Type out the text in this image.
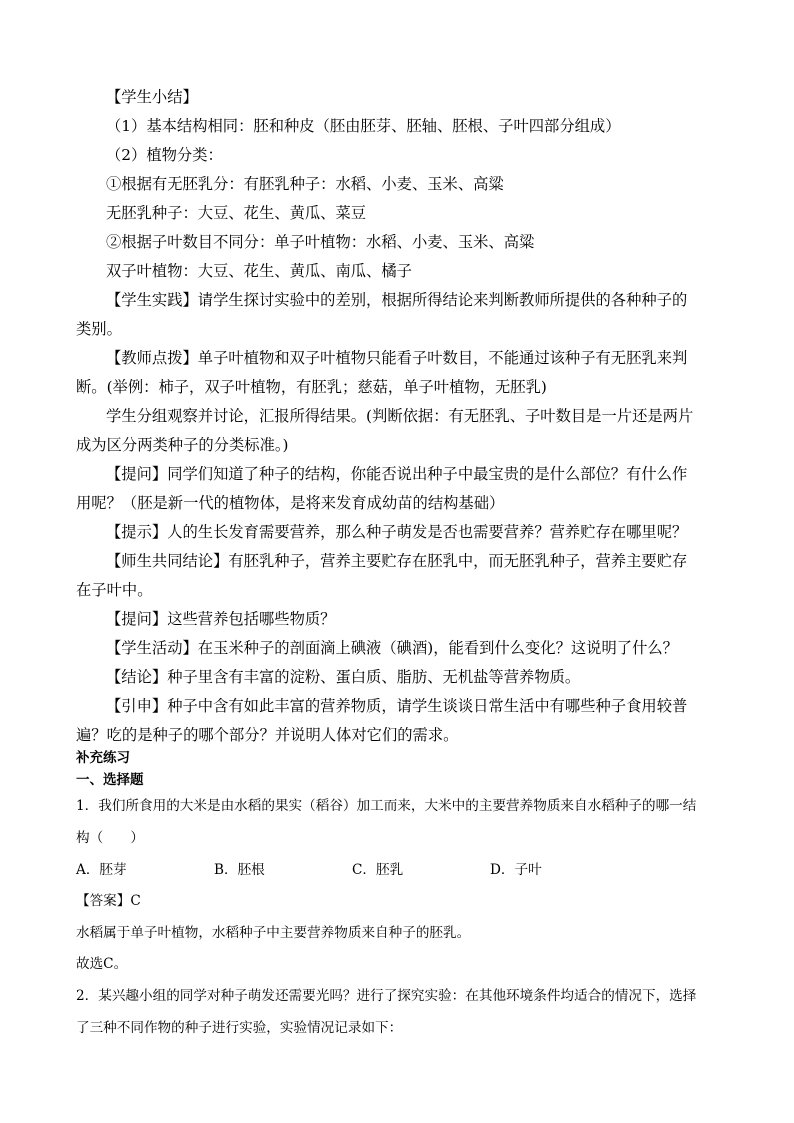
【学生小结】
（1）基本结构相同：胚和种皮（胚由胚芽、胚轴、胚根、子叶四部分组成）
（2）植物分类：
①根据有无胚乳分：有胚乳种子：水稻、小麦、玉米、高粱
无胚乳种子：大豆、花生、黄瓜、菜豆
②根据子叶数目不同分：单子叶植物：水稻、小麦、玉米、高粱
双子叶植物：大豆、花生、黄瓜、南瓜、橘子
【学生实践】请学生探讨实验中的差别，根据所得结论来判断教师所提供的各种种子的
类别。
【教师点拨】单子叶植物和双子叶植物只能看子叶数目，不能通过该种子有无胚乳来判
断。(举例：柿子，双子叶植物，有胚乳；慈菇，单子叶植物，无胚乳)
学生分组观察并讨论，汇报所得结果。(判断依据：有无胚乳、子叶数目是一片还是两片
成为区分两类种子的分类标准。)
【提问】同学们知道了种子的结构，你能否说出种子中最宝贵的是什么部位？有什么作
用呢？（胚是新一代的植物体，是将来发育成幼苗的结构基础）
【提示】人的生长发育需要营养，那么种子萌发是否也需要营养？营养贮存在哪里呢？
【师生共同结论】有胚乳种子，营养主要贮存在胚乳中，而无胚乳种子，营养主要贮存
在子叶中。
【提问】这些营养包括哪些物质？
【学生活动】在玉米种子的剖面滴上碘液（碘酒)，能看到什么变化？这说明了什么？
【结论】种子里含有丰富的淀粉、蛋白质、脂肪、无机盐等营养物质。
【引申】种子中含有如此丰富的营养物质，请学生谈谈日常生活中有哪些种子食用较普
遍？吃的是种子的哪个部分？并说明人体对它们的需求。
补充练习
一、选择题
1．我们所食用的大米是由水稻的果实（稻谷）加工而来，大米中的主要营养物质来自水稻种子的哪一结
构（　　）
A．胚芽	B．胚根	C．胚乳	D．子叶
【答案】C
水稻属于单子叶植物，水稻种子中主要营养物质来自种子的胚乳。
故选C。
2．某兴趣小组的同学对种子萌发还需要光吗？进行了探究实验：在其他环境条件均适合的情况下，选择
了三种不同作物的种子进行实验，实验情况记录如下：
